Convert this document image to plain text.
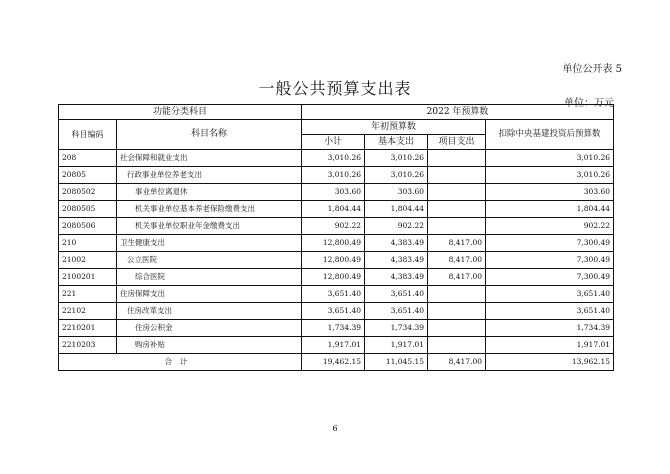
单位公开表 5
一般公共预算支出表
单位：万元
功能分类科目		2022 年预算数			
科目编码	科目名称	年初预算数			扣除中央基建投资后预算数
		小计	基本支出	项目支出	
208	社会保障和就业支出	3,010.26	3,010.26		3,010.26
20805	行政事业单位养老支出	3,010.26	3,010.26		3,010.26
2080502	事业单位离退休	303.60	303.60		303.60
2080505	机关事业单位基本养老保险缴费支出	1,804.44	1,804.44		1,804.44
2080506	机关事业单位职业年金缴费支出	902.22	902.22		902.22
210	卫生健康支出	12,800.49	4,383.49	8,417.00	7,300.49
21002	公立医院	12,800.49	4,383.49	8,417.00	7,300.49
2100201	综合医院	12,800.49	4,383.49	8,417.00	7,300.49
221	住房保障支出	3,651.40	3,651.40		3,651.40
22102	住房改革支出	3,651.40	3,651.40		3,651.40
2210201	住房公积金	1,734.39	1,734.39		1,734.39
2210203	购房补贴	1,917.01	1,917.01		1,917.01
合计		19,462.15	11,045.15	8,417.00	13,962.15
6
